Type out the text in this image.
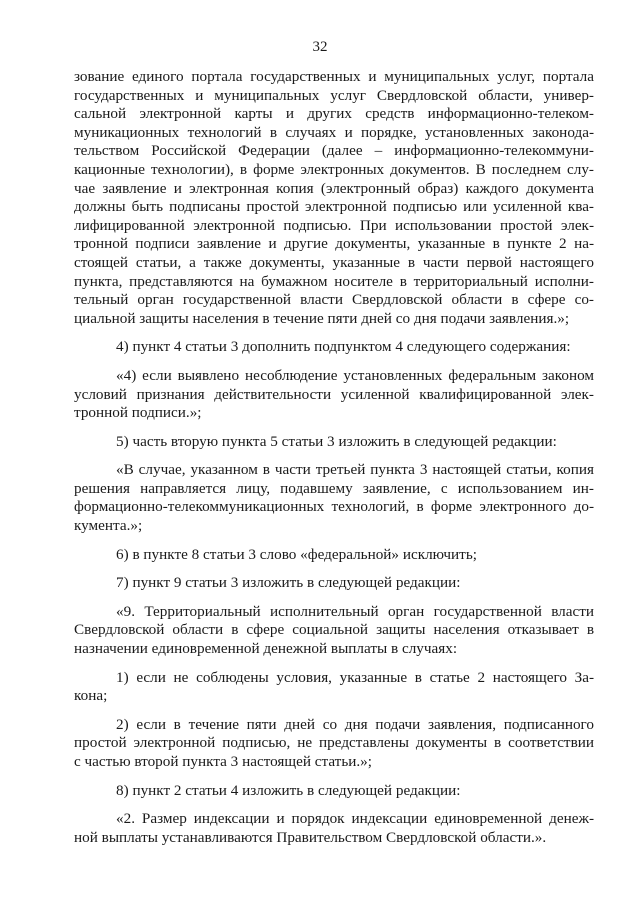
32
зование единого портала государственных и муниципальных услуг, портала
государственных и муниципальных услуг Свердловской области, универ-
сальной электронной карты и других средств информационно-телеком-
муникационных технологий в случаях и порядке, установленных законода-
тельством Российской Федерации (далее – информационно-телекоммуни-
кационные технологии), в форме электронных документов. В последнем слу-
чае заявление и электронная копия (электронный образ) каждого документа
должны быть подписаны простой электронной подписью или усиленной ква-
лифицированной электронной подписью. При использовании простой элек-
тронной подписи заявление и другие документы, указанные в пункте 2 на-
стоящей статьи, а также документы, указанные в части первой настоящего
пункта, представляются на бумажном носителе в территориальный исполни-
тельный орган государственной власти Свердловской области в сфере со-
циальной защиты населения в течение пяти дней со дня подачи заявления.»;
4) пункт 4 статьи 3 дополнить подпунктом 4 следующего содержания:
«4) если выявлено несоблюдение установленных федеральным законом
условий признания действительности усиленной квалифицированной элек-
тронной подписи.»;
5) часть вторую пункта 5 статьи 3 изложить в следующей редакции:
«В случае, указанном в части третьей пункта 3 настоящей статьи, копия
решения направляется лицу, подавшему заявление, с использованием ин-
формационно-телекоммуникационных технологий, в форме электронного до-
кумента.»;
6) в пункте 8 статьи 3 слово «федеральной» исключить;
7) пункт 9 статьи 3 изложить в следующей редакции:
«9. Территориальный исполнительный орган государственной власти
Свердловской области в сфере социальной защиты населения отказывает в
назначении единовременной денежной выплаты в случаях:
1) если не соблюдены условия, указанные в статье 2 настоящего За-
кона;
2) если в течение пяти дней со дня подачи заявления, подписанного
простой электронной подписью, не представлены документы в соответствии
с частью второй пункта 3 настоящей статьи.»;
8) пункт 2 статьи 4 изложить в следующей редакции:
«2. Размер индексации и порядок индексации единовременной денеж-
ной выплаты устанавливаются Правительством Свердловской области.».
